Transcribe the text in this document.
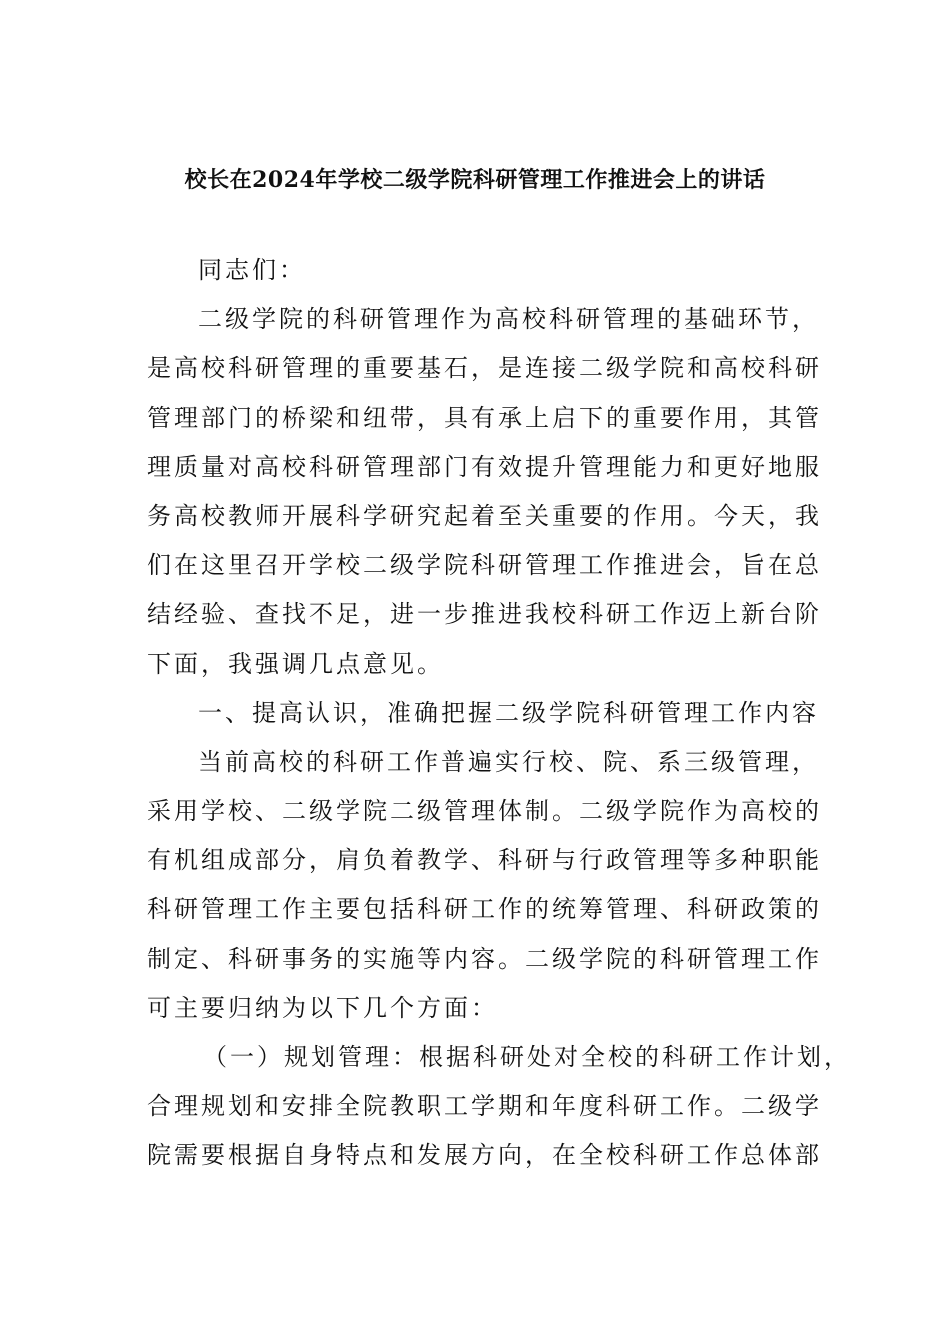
校长在2024年学校二级学院科研管理工作推进会上的讲话
同志们：
二级学院的科研管理作为高校科研管理的基础环节，
是高校科研管理的重要基石，是连接二级学院和高校科研
管理部门的桥梁和纽带，具有承上启下的重要作用，其管
理质量对高校科研管理部门有效提升管理能力和更好地服
务高校教师开展科学研究起着至关重要的作用。今天，我
们在这里召开学校二级学院科研管理工作推进会，旨在总
结经验、查找不足，进一步推进我校科研工作迈上新台阶
下面，我强调几点意见。
一、提高认识，准确把握二级学院科研管理工作内容
当前高校的科研工作普遍实行校、院、系三级管理，
采用学校、二级学院二级管理体制。二级学院作为高校的
有机组成部分，肩负着教学、科研与行政管理等多种职能
科研管理工作主要包括科研工作的统筹管理、科研政策的
制定、科研事务的实施等内容。二级学院的科研管理工作
可主要归纳为以下几个方面：
（一）规划管理：根据科研处对全校的科研工作计划，
合理规划和安排全院教职工学期和年度科研工作。二级学
院需要根据自身特点和发展方向，在全校科研工作总体部
